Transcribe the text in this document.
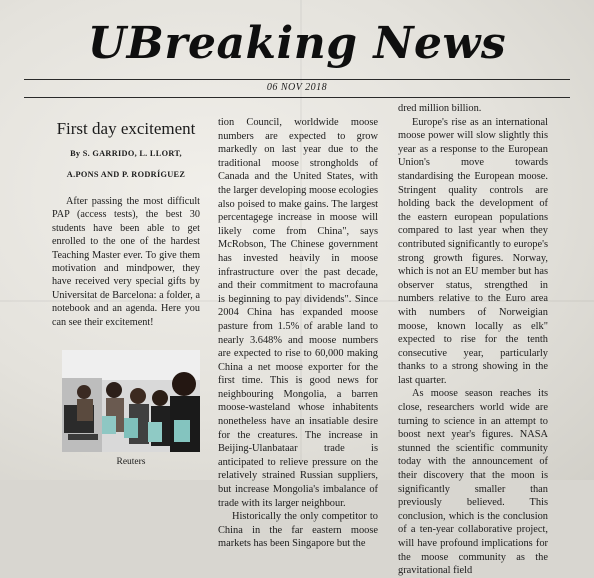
UBreaking News
06 NOV 2018
First day excitement
By S. GARRIDO, L. LLORT,
A.PONS AND P. RODRÍGUEZ

After passing the most difficult PAP (access tests), the best 30 students have been able to get enrolled to the one of the hardest Teaching Master ever. To give them motivation and mindpower, they have received very special gifts by Universitat de Barcelona: a folder, a notebook and an agenda. Here you can see their excitement!

Reuters

tion Council, worldwide moose numbers are expected to grow markedly on last year due to the traditional moose strongholds of Canada and the United States, with the larger developing moose ecologies also poised to make gains. The largest percentagege increase in moose will likely come from China", says McRobson, The Chinese government has invested heavily in moose infrastructure over the past decade, and their commitment to macrofauna is beginning to pay dividends". Since 2004 China has expanded moose pasture from 1.5% of arable land to nearly 3.648% and moose numbers are expected to rise to 60,000 making China a net moose exporter for the first time. This is good news for neighbouring Mongolia, a barren moose-wasteland whose inhabitents nonetheless have an insatiable desire for the creatures. The increase in Beijing-Ulanbataar trade is anticipated to relieve pressure on the relatively strained Russian suppliers, but increase Mongolia's imbalance of trade with its larger neighbour.

Historically the only competitor to China in the far eastern moose markets has been Singapore but the

dred million billion.

Europe's rise as an international moose power will slow slightly this year as a response to the European Union's move towards standardising the European moose. Stringent quality controls are holding back the development of the eastern european populations compared to last year when they contributed significantly to europe's strong growth figures. Norway, which is not an EU member but has observer status, strengthed in numbers relative to the Euro area with numbers of Norweigian moose, known locally as elk" expected to rise for the tenth consecutive year, particularly thanks to a strong showing in the last quarter.

As moose season reaches its close, researchers world wide are turning to science in an attempt to boost next year's figures. NASA stunned the scientific community today with the announcement of their discovery that the moon is significantly smaller than previously believed. This conclusion, which is the conclusion of a ten-year collaborative project, will have profound implications for the moose community as the gravitational field
